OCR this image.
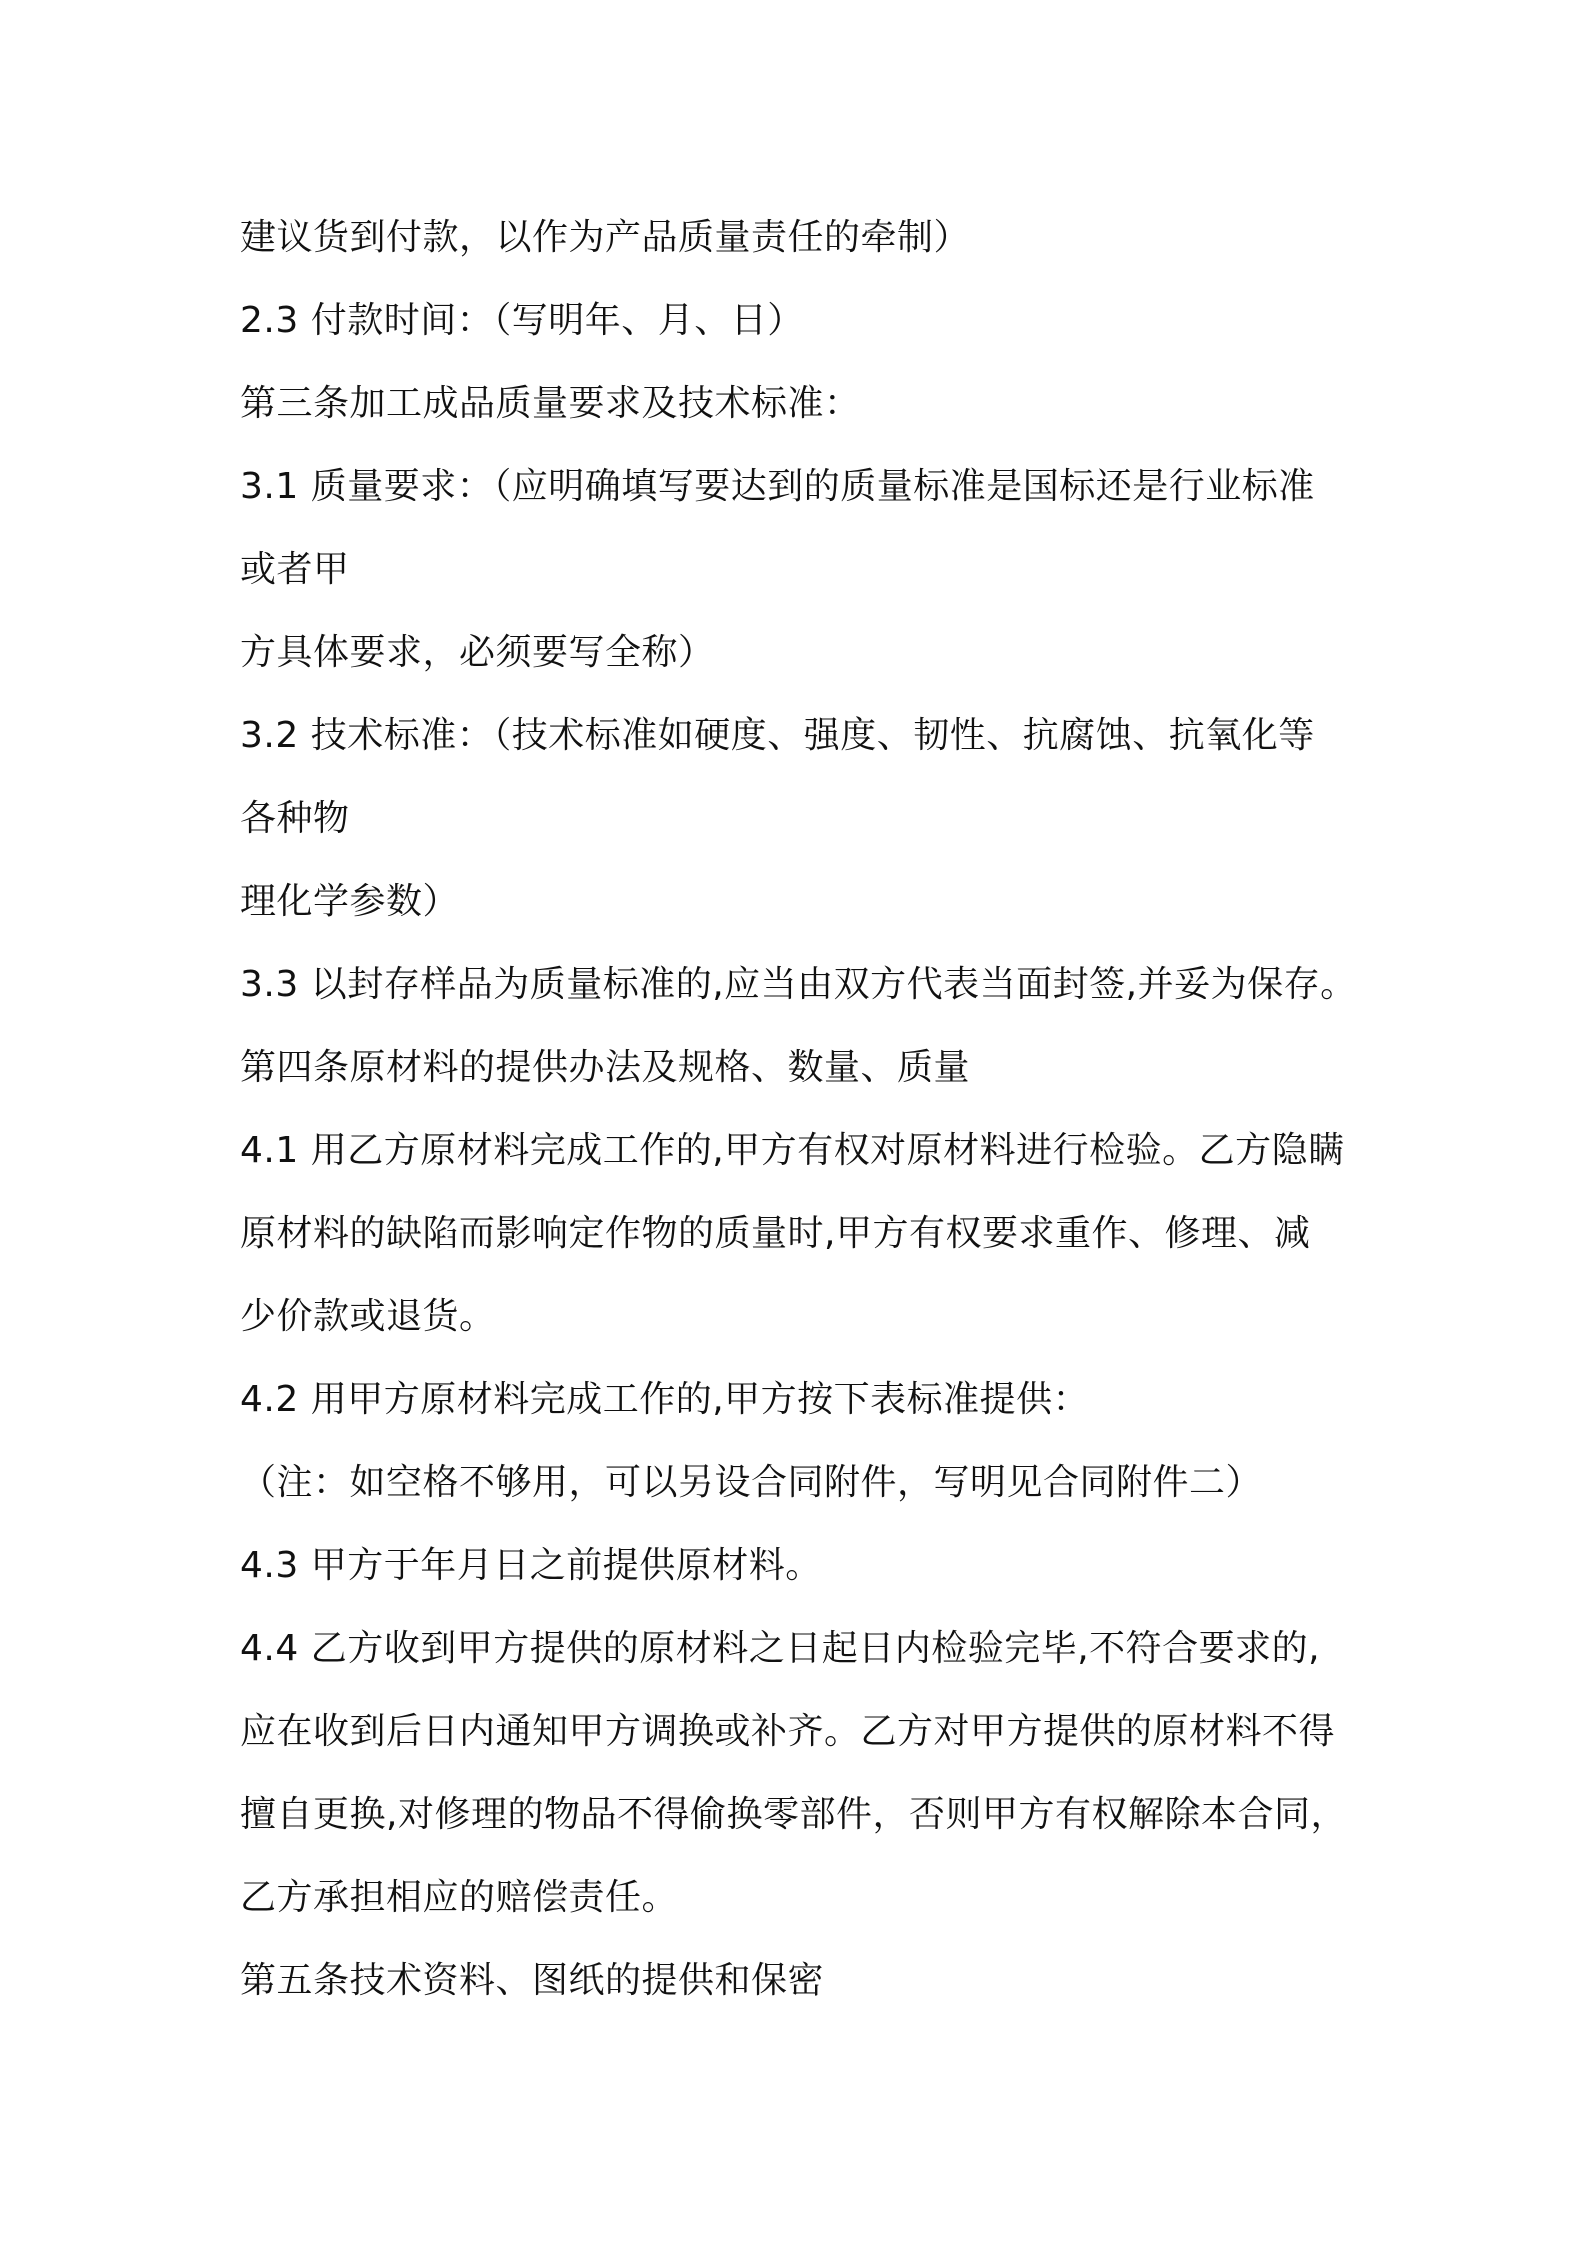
建议货到付款，以作为产品质量责任的牵制）
2.3 付款时间：（写明年、月、日）
第三条加工成品质量要求及技术标准：
3.1 质量要求：（应明确填写要达到的质量标准是国标还是行业标准
或者甲
方具体要求，必须要写全称）
3.2 技术标准：（技术标准如硬度、强度、韧性、抗腐蚀、抗氧化等
各种物
理化学参数）
3.3 以封存样品为质量标准的,应当由双方代表当面封签,并妥为保存。
第四条原材料的提供办法及规格、数量、质量
4.1 用乙方原材料完成工作的,甲方有权对原材料进行检验。乙方隐瞒
原材料的缺陷而影响定作物的质量时,甲方有权要求重作、修理、减
少价款或退货。
4.2 用甲方原材料完成工作的,甲方按下表标准提供：
（注：如空格不够用，可以另设合同附件，写明见合同附件二）
4.3 甲方于年月日之前提供原材料。
4.4 乙方收到甲方提供的原材料之日起日内检验完毕,不符合要求的,
应在收到后日内通知甲方调换或补齐。乙方对甲方提供的原材料不得
擅自更换,对修理的物品不得偷换零部件，否则甲方有权解除本合同，
乙方承担相应的赔偿责任。
第五条技术资料、图纸的提供和保密
